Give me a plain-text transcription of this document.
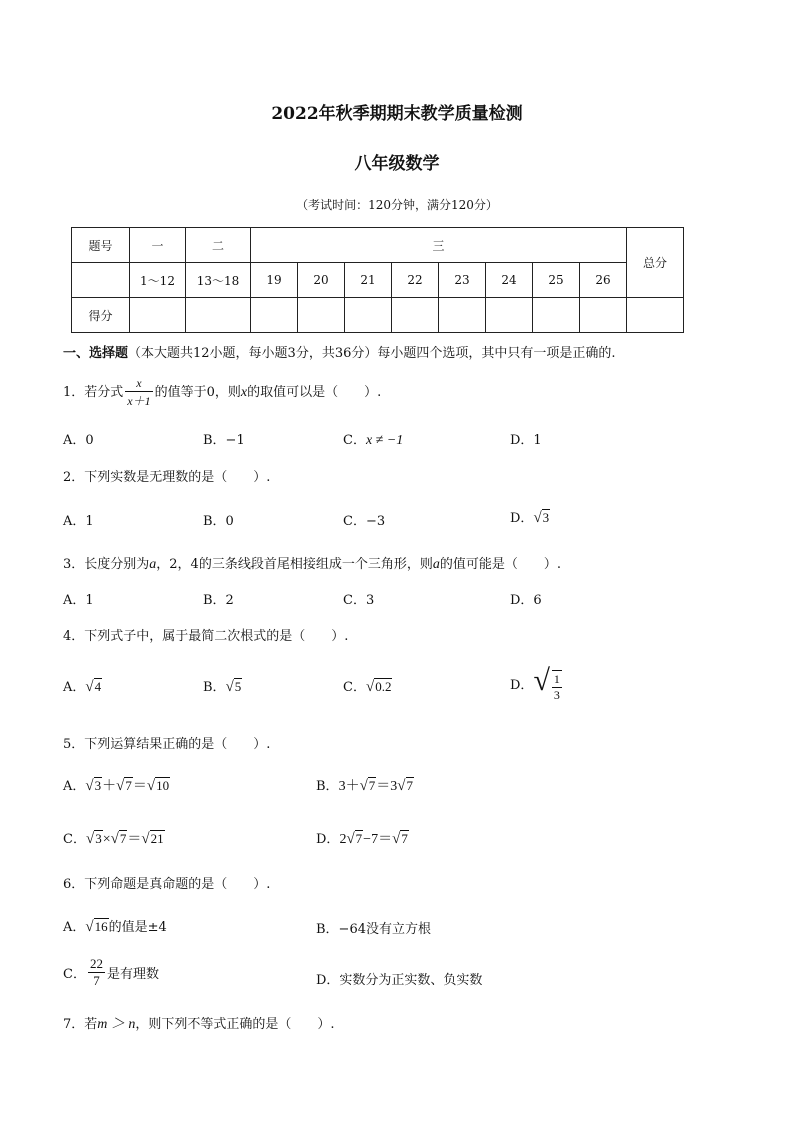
2022年秋季期期末教学质量检测
八年级数学
（考试时间：120分钟，满分120分）
题号	一	二	三								总分
	1～12	13～18	19	20	21	22	23	24	25	26	
得分											
一、选择题（本大题共12小题，每小题3分，共36分）每小题四个选项，其中只有一项是正确的.
1．若分式 $\frac{x}{x+1}$ 的值等于0，则x的取值可以是（　　）.
A．0	B．−1	C．x ≠ −1	D．1
2．下列实数是无理数的是（　　）.
A．1	B．0	C．−3	D．√3
3．长度分别为a，2，4的三条线段首尾相接组成一个三角形，则a的值可能是（　　）.
A．1	B．2	C．3	D．6
4．下列式子中，属于最简二次根式的是（　　）.
A．√4	B．√5	C．√0.2	D．√ $\frac{1}{3}$
5．下列运算结果正确的是（　　）.
A．√3＋√7＝√10	B．3＋√7＝3√7
C．√3×√7＝√21	D．2√7−7＝√7
6．下列命题是真命题的是（　　）.
A．√16的值是±4	B．−64没有立方根
C． $\frac{22}{7}$ 是有理数	D．实数分为正实数、负实数
7．若m ＞ n，则下列不等式正确的是（　　）.
